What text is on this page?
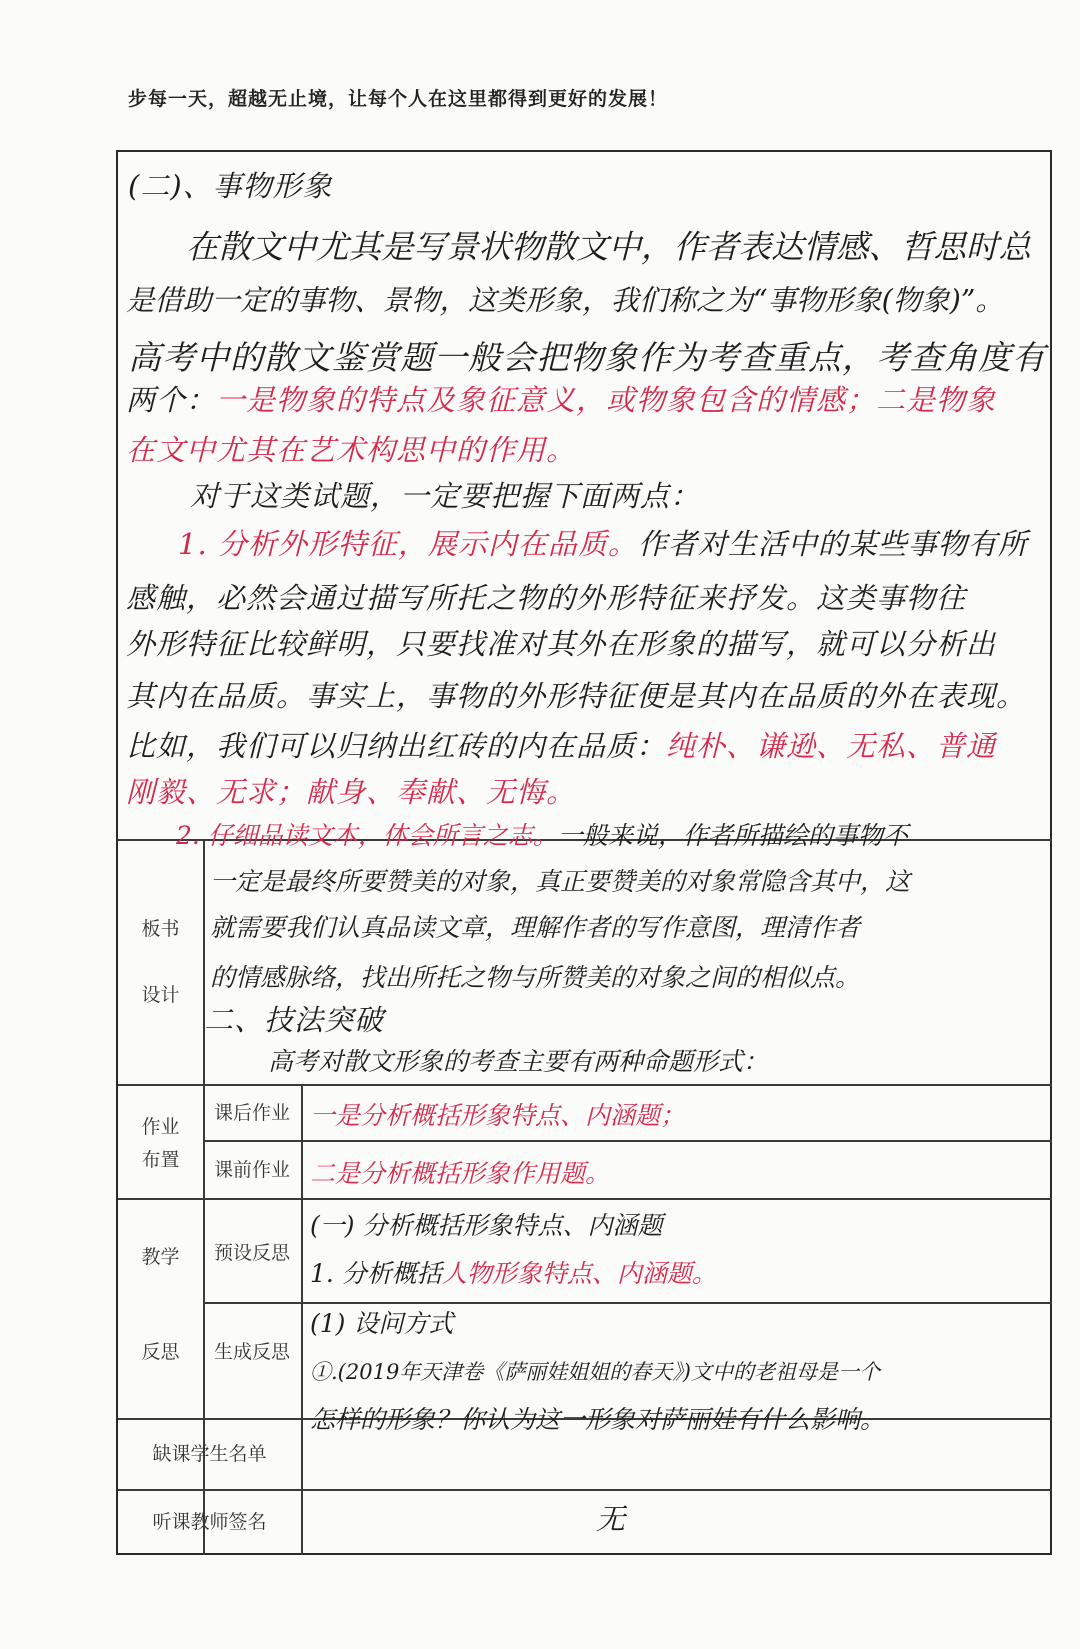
步每一天，超越无止境，让每个人在这里都得到更好的发展！
板书
设计
作业
布置
课后作业
课前作业
教学
反思
预设反思
生成反思
缺课学生名单
听课教师签名
(二)、事物形象
在散文中尤其是写景状物散文中，作者表达情感、哲思时总
是借助一定的事物、景物，这类形象，我们称之为“事物形象(物象)”。
高考中的散文鉴赏题一般会把物象作为考查重点，考查角度有
两个：一是物象的特点及象征意义，或物象包含的情感；二是物象
在文中尤其在艺术构思中的作用。
对于这类试题，一定要把握下面两点：
1. 分析外形特征，展示内在品质。作者对生活中的某些事物有所
感触，必然会通过描写所托之物的外形特征来抒发。这类事物往
外形特征比较鲜明，只要找准对其外在形象的描写，就可以分析出
其内在品质。事实上，事物的外形特征便是其内在品质的外在表现。
比如，我们可以归纳出红砖的内在品质：纯朴、谦逊、无私、普通
刚毅、无求；献身、奉献、无悔。
2. 仔细品读文本，体会所言之志。一般来说，作者所描绘的事物不
一定是最终所要赞美的对象，真正要赞美的对象常隐含其中，这
就需要我们认真品读文章，理解作者的写作意图，理清作者
的情感脉络，找出所托之物与所赞美的对象之间的相似点。
二、技法突破
高考对散文形象的考查主要有两种命题形式：
一是分析概括形象特点、内涵题；
二是分析概括形象作用题。
(一) 分析概括形象特点、内涵题
1. 分析概括人物形象特点、内涵题。
(1) 设问方式
①.(2019年天津卷《萨丽娃姐姐的春天》)文中的老祖母是一个
怎样的形象？你认为这一形象对萨丽娃有什么影响。
无
